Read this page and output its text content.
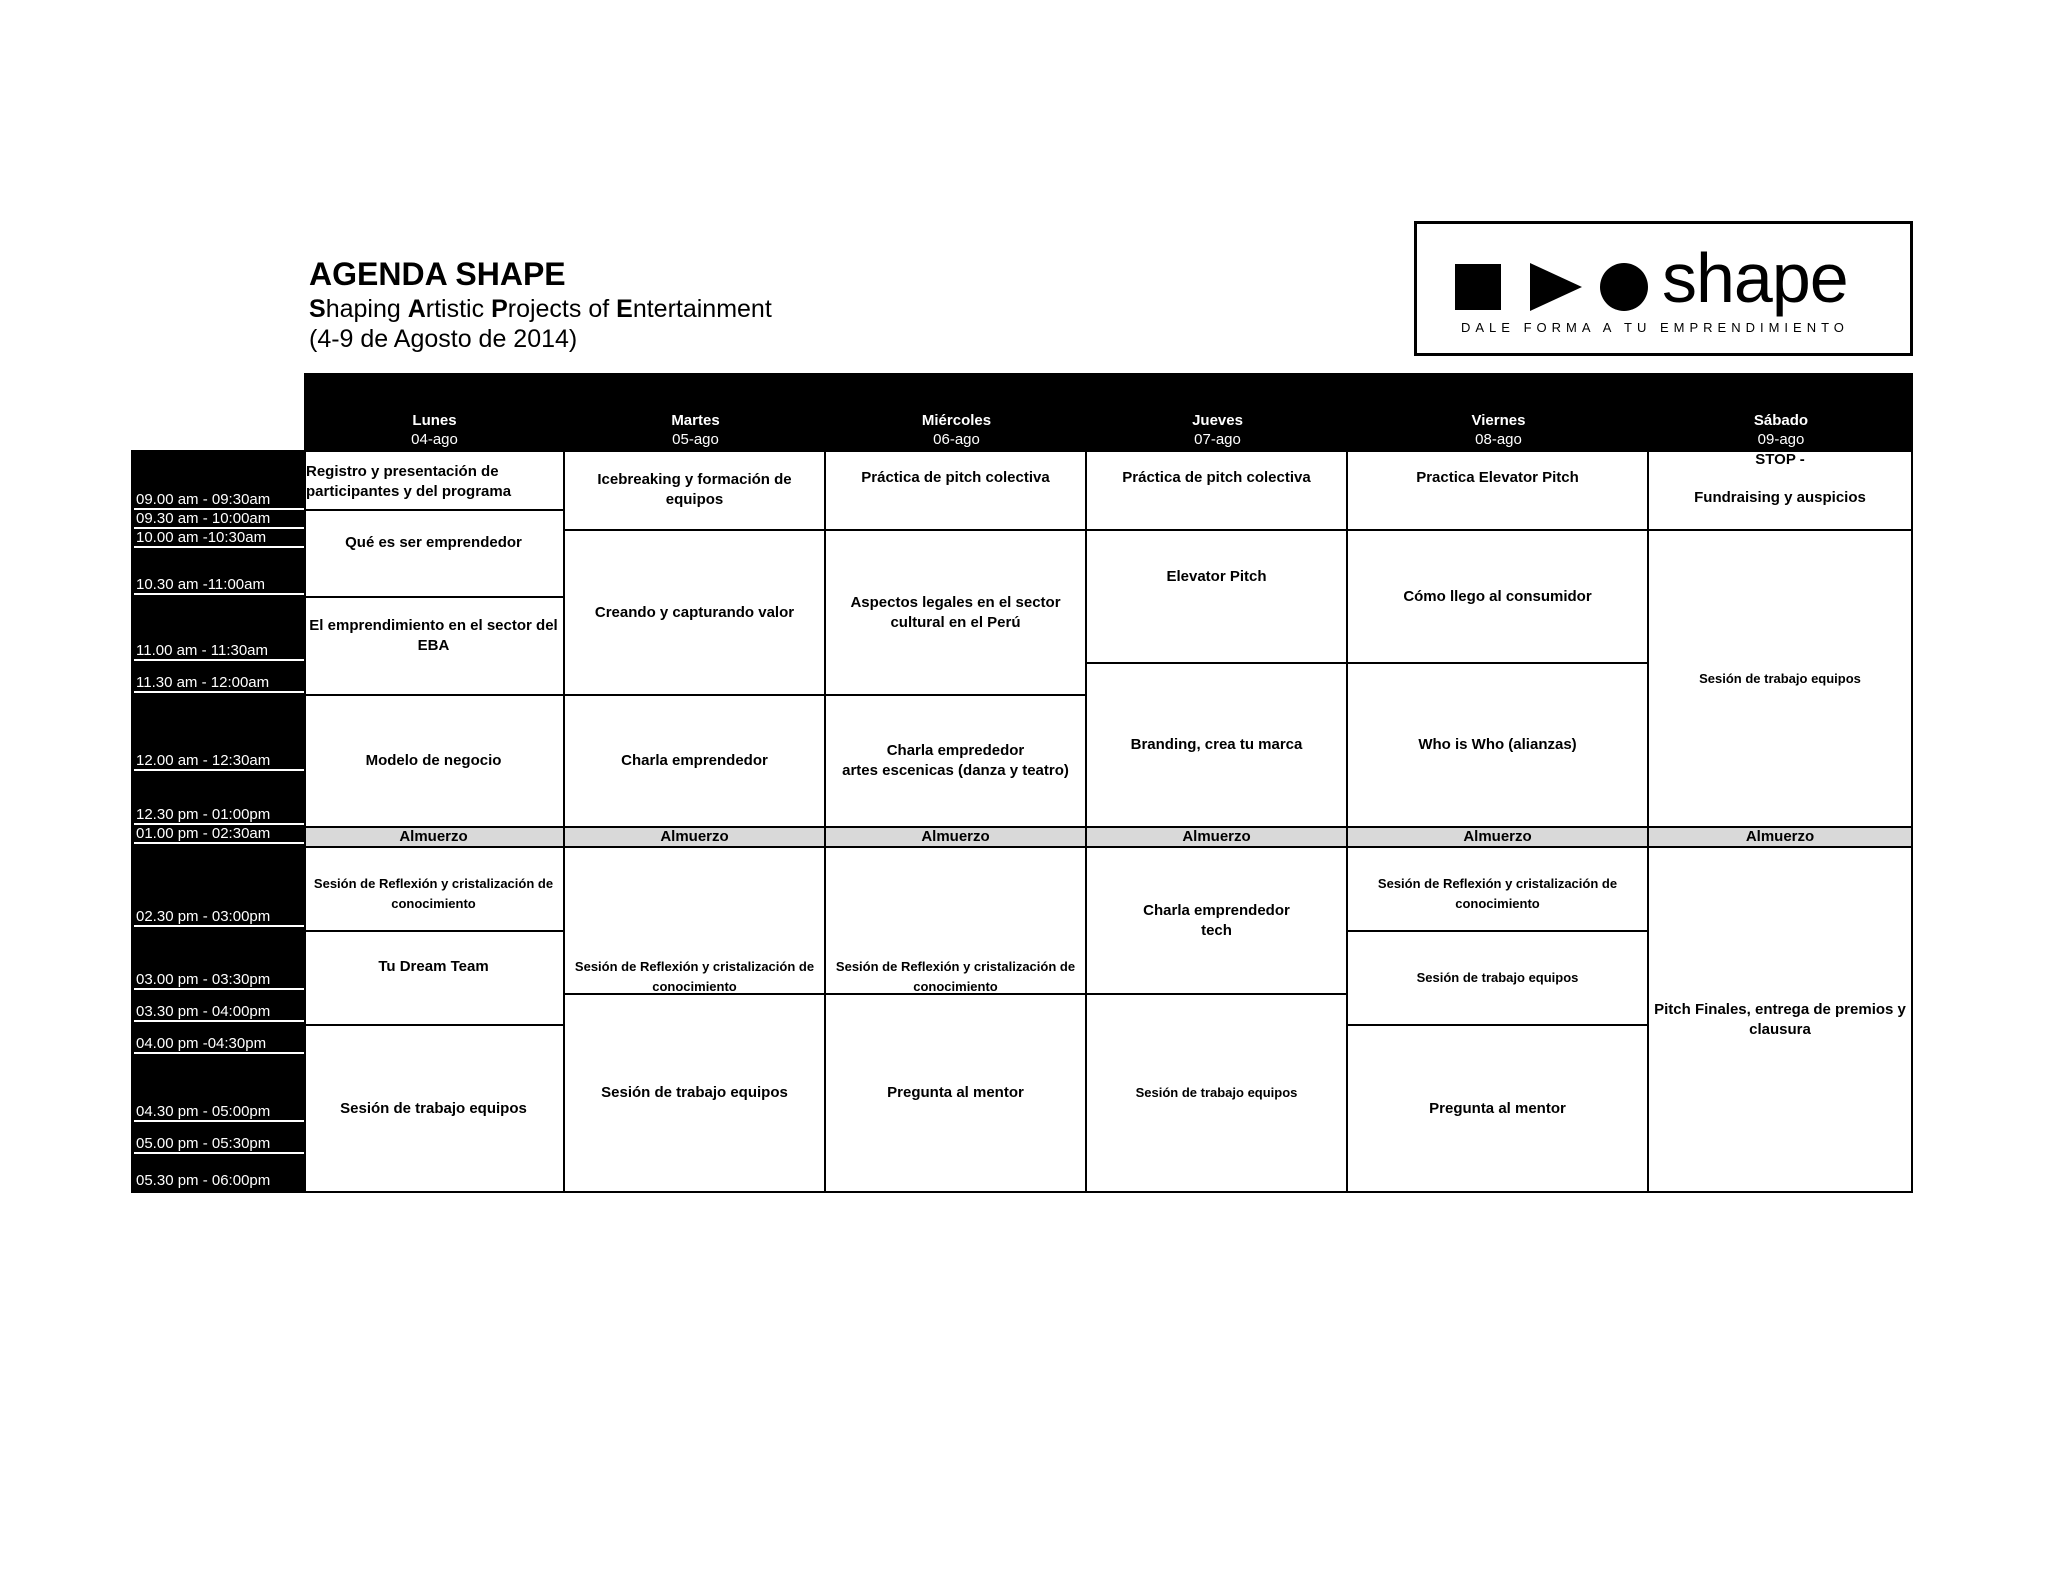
AGENDA SHAPE
Shaping Artistic Projects of Entertainment
(4-9 de Agosto de 2014)
shape
DALE FORMA A TU EMPRENDIMIENTO
Lunes
04-ago
Martes
05-ago
Miércoles
06-ago
Jueves
07-ago
Viernes
08-ago
Sábado
09-ago
09.00 am - 09:30am
09.30 am - 10:00am
10.00 am -10:30am
10.30 am -11:00am
11.00 am - 11:30am
11.30 am - 12:00am
12.00 am - 12:30am
12.30 pm - 01:00pm
01.00 pm - 02:30am
02.30 pm - 03:00pm
03.00 pm - 03:30pm
03.30 pm - 04:00pm
04.00 pm -04:30pm
04.30 pm - 05:00pm
05.00 pm - 05:30pm
05.30 pm - 06:00pm
Registro y presentación de participantes y del programa
Qué es ser emprendedor
El emprendimiento en el sector del EBA
Modelo de negocio
Almuerzo
Sesión de Reflexión y cristalización de conocimiento
Tu Dream Team
Sesión de trabajo equipos
Icebreaking y formación de equipos
Creando y capturando valor
Charla emprendedor
Almuerzo
Sesión de Reflexión y cristalización de conocimiento
Sesión de trabajo equipos
Práctica de pitch colectiva
Aspectos legales en el sector cultural en el Perú
Charla emprededor
artes escenicas (danza y teatro)
Almuerzo
Sesión de Reflexión y cristalización de conocimiento
Pregunta al mentor
Práctica de pitch colectiva
Elevator Pitch
Branding, crea tu marca
Almuerzo
Charla emprendedor
tech
Sesión de trabajo equipos
Practica Elevator Pitch
Cómo llego al consumidor
Who is Who (alianzas)
Almuerzo
Sesión de Reflexión y cristalización de conocimiento
Sesión de trabajo equipos
Pregunta al mentor
STOP -
Fundraising y auspicios
Sesión de trabajo equipos
Almuerzo
Pitch Finales, entrega de premios y clausura
